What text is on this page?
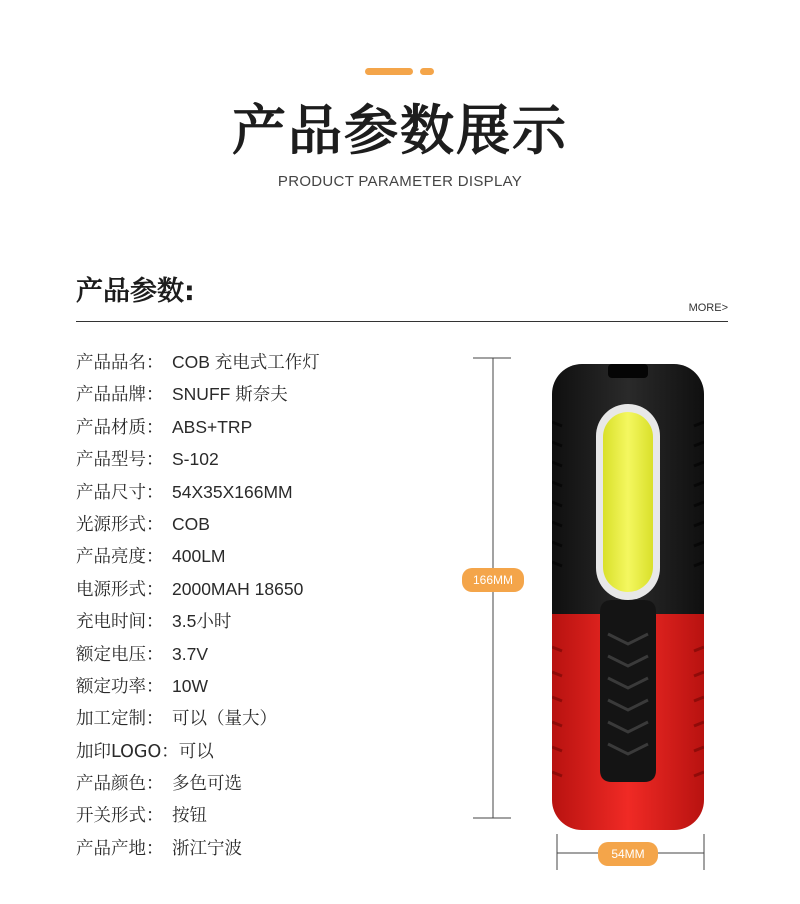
产品参数展示
PRODUCT PARAMETER DISPLAY
产品参数:
MORE>
产品品名： COB 充电式工作灯
产品品牌： SNUFF 斯奈夫
产品材质： ABS+TRP
产品型号： S-102
产品尺寸： 54X35X166MM
光源形式： COB
产品亮度： 400LM
电源形式： 2000MAH 18650
充电时间： 3.5小时
额定电压： 3.7V
额定功率： 10W
加工定制： 可以（量大）
加印LOGO：可以
产品颜色： 多色可选
开关形式： 按钮
产品产地： 浙江宁波
166MM
54MM
